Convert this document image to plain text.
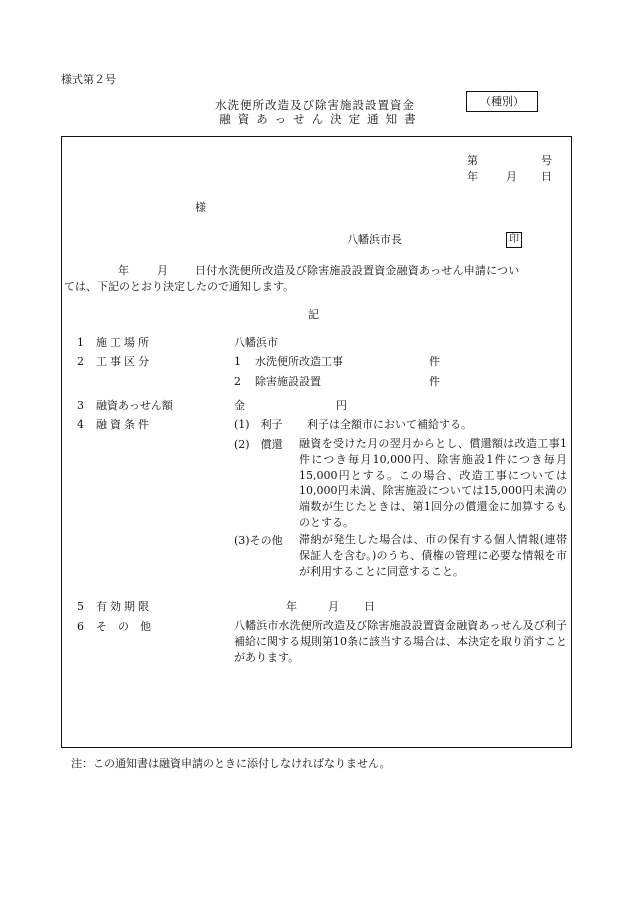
様式第２号
水洗便所改造及び除害施設設置資金
融資あっせん決定通知書
（種別）
第	号
年	月 日
様
八幡浜市長	印
年	月 日付水洗便所改造及び除害施設設置資金融資あっせん申請につい
ては、下記のとおり決定したので通知します。
記
1 施工場所	八幡浜市
2 工事区分	1 水洗便所改造工事	件
2 除害施設設置	件
3 融資あっせん額	金	円
4 融資条件	(1)　利子 利子は全額市において補給する。
(2)　償還 融資を受けた月の翌月からとし、償還額は改造工事1件につき毎月10,000円、除害施設1件につき毎月15,000円とする。この場合、改造工事については10,000円未満、除害施設については15,000円未満の端数が生じたときは、第1回分の償還金に加算するものとする。
(3)その他 滞納が発生した場合は、市の保有する個人情報(連帯保証人を含む。)のうち、債権の管理に必要な情報を市が利用することに同意すること。
5 有効期限	年	月 日
6 その他	八幡浜市水洗便所改造及び除害施設設置資金融資あっせん及び利子補給に関する規則第10条に該当する場合は、本決定を取り消すことがあります。
注：この通知書は融資申請のときに添付しなければなりません。
